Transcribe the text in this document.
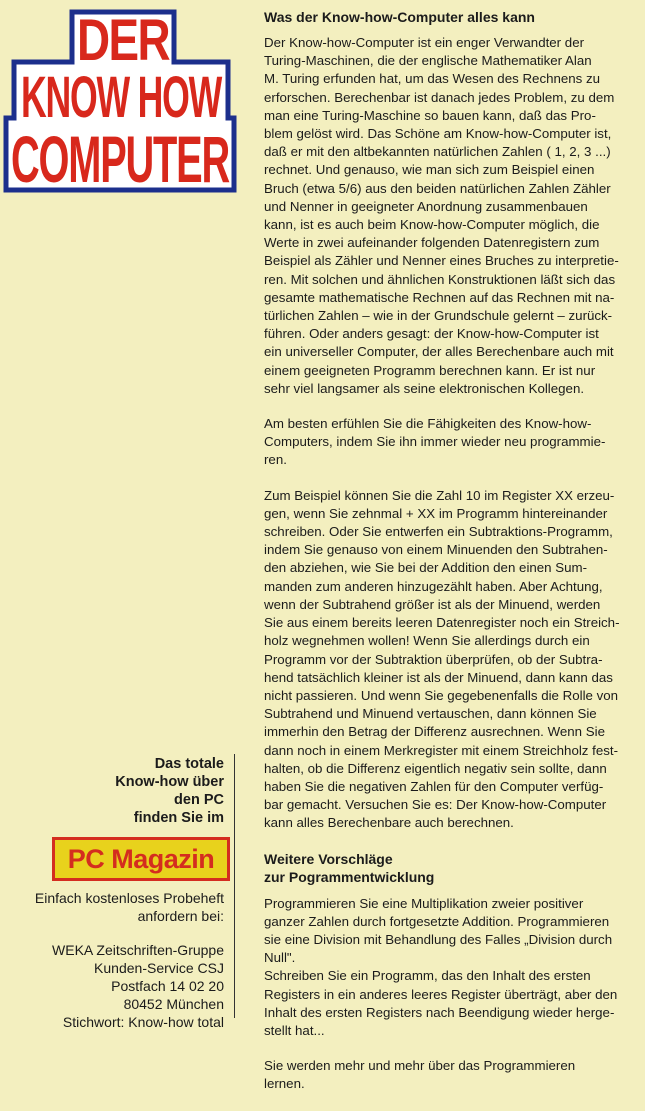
DER
KNOW HOW
COMPUTER
Was der Know-how-Computer alles kann

Der Know-how-Computer ist ein enger Verwandter der
Turing-Maschinen, die der englische Mathematiker Alan
M. Turing erfunden hat, um das Wesen des Rechnens zu
erforschen. Berechenbar ist danach jedes Problem, zu dem
man eine Turing-Maschine so bauen kann, daß das Pro-
blem gelöst wird. Das Schöne am Know-how-Computer ist,
daß er mit den altbekannten natürlichen Zahlen ( 1, 2, 3 ...)
rechnet. Und genauso, wie man sich zum Beispiel einen
Bruch (etwa 5/6) aus den beiden natürlichen Zahlen Zähler
und Nenner in geeigneter Anordnung zusammenbauen
kann, ist es auch beim Know-how-Computer möglich, die
Werte in zwei aufeinander folgenden Datenregistern zum
Beispiel als Zähler und Nenner eines Bruches zu interpretie-
ren. Mit solchen und ähnlichen Konstruktionen läßt sich das
gesamte mathematische Rechnen auf das Rechnen mit na-
türlichen Zahlen – wie in der Grundschule gelernt – zurück-
führen. Oder anders gesagt: der Know-how-Computer ist
ein universeller Computer, der alles Berechenbare auch mit
einem geeigneten Programm berechnen kann. Er ist nur
sehr viel langsamer als seine elektronischen Kollegen.

Am besten erfühlen Sie die Fähigkeiten des Know-how-
Computers, indem Sie ihn immer wieder neu programmie-
ren.

Zum Beispiel können Sie die Zahl 10 im Register XX erzeu-
gen, wenn Sie zehnmal + XX im Programm hintereinander
schreiben. Oder Sie entwerfen ein Subtraktions-Programm,
indem Sie genauso von einem Minuenden den Subtrahen-
den abziehen, wie Sie bei der Addition den einen Sum-
manden zum anderen hinzugezählt haben. Aber Achtung,
wenn der Subtrahend größer ist als der Minuend, werden
Sie aus einem bereits leeren Datenregister noch ein Streich-
holz wegnehmen wollen! Wenn Sie allerdings durch ein
Programm vor der Subtraktion überprüfen, ob der Subtra-
hend tatsächlich kleiner ist als der Minuend, dann kann das
nicht passieren. Und wenn Sie gegebenenfalls die Rolle von
Subtrahend und Minuend vertauschen, dann können Sie
immerhin den Betrag der Differenz ausrechnen. Wenn Sie
dann noch in einem Merkregister mit einem Streichholz fest-
halten, ob die Differenz eigentlich negativ sein sollte, dann
haben Sie die negativen Zahlen für den Computer verfüg-
bar gemacht. Versuchen Sie es: Der Know-how-Computer
kann alles Berechenbare auch berechnen.

Weitere Vorschläge
zur Pogrammentwicklung

Programmieren Sie eine Multiplikation zweier positiver
ganzer Zahlen durch fortgesetzte Addition. Programmieren
sie eine Division mit Behandlung des Falles „Division durch
Null".

Schreiben Sie ein Programm, das den Inhalt des ersten
Registers in ein anderes leeres Register überträgt, aber den
Inhalt des ersten Registers nach Beendigung wieder herge-
stellt hat...

Sie werden mehr und mehr über das Programmieren
lernen.

Das totale
Know-how über
den PC
finden Sie im
PC Magazin
Einfach kostenloses Probeheft
anfordern bei:
WEKA Zeitschriften-Gruppe
Kunden-Service CSJ
Postfach 14 02 20
80452 München
Stichwort: Know-how total
